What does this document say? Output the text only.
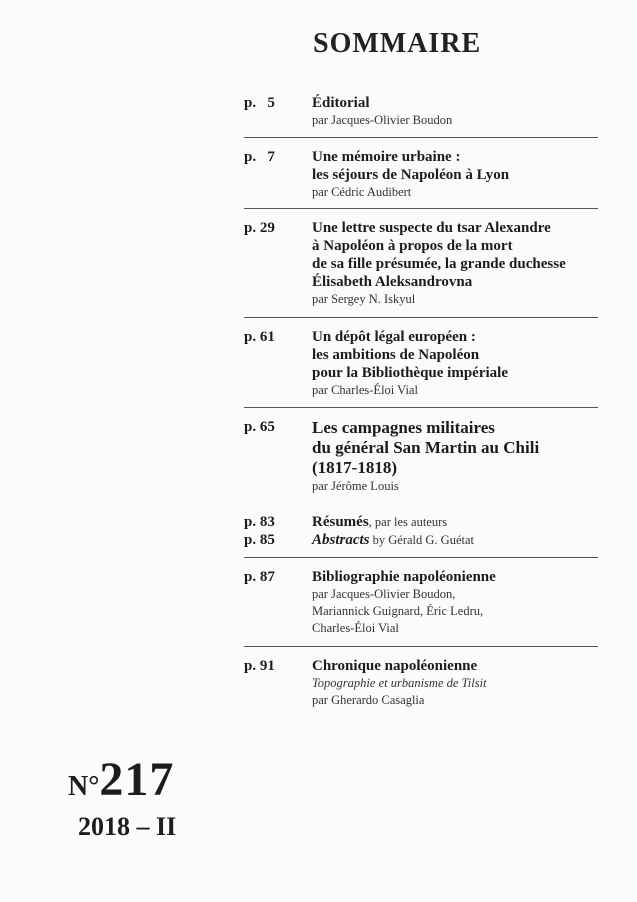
SOMMAIRE
p.   5	Éditorial
par Jacques-Olivier Boudon
p.   7	Une mémoire urbaine :
les séjours de Napoléon à Lyon
par Cédric Audibert
p. 29	Une lettre suspecte du tsar Alexandre
à Napoléon à propos de la mort
de sa fille présumée, la grande duchesse
Élisabeth Aleksandrovna
par Sergey N. Iskyul
p. 61	Un dépôt légal européen :
les ambitions de Napoléon
pour la Bibliothèque impériale
par Charles-Éloi Vial
p. 65	Les campagnes militaires
du général San Martin au Chili
(1817-1818)
par Jérôme Louis
p. 83	Résumés, par les auteurs
p. 85	Abstracts by Gérald G. Guétat
p. 87	Bibliographie napoléonienne
par Jacques-Olivier Boudon,
Mariannick Guignard, Éric Ledru,
Charles-Éloi Vial
p. 91	Chronique napoléonienne
Topographie et urbanisme de Tilsit
par Gherardo Casaglia
N°217
2018 – II
